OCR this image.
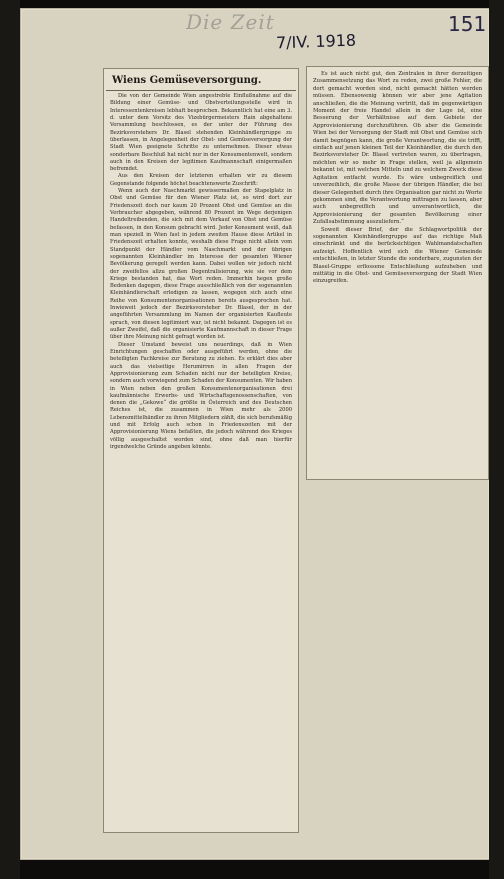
Die Zeit
7/IV. 1918
151
Wiens Gemüseversorgung.

Die von der Gemeinde Wien angestrebte Einflußnahme auf die Bildung einer Gemüse- und Obstverteilungsstelle wird in Interessentenkreisen lebhaft besprochen. Bekanntlich hat eine am 3. d. unter dem Vorsitz des Vizebürgermeisters Rain abgehaltene Versammlung beschlossen, es der unter der Führung des Bezirksvorstehers Dr. Blasel stehenden Kleinhändlergruppe zu überlassen, in Angelegenheit der Obst- und Gemüseversorgung der Stadt Wien geeignete Schritte zu unternehmen. Dieser etwas sonderbare Beschluß hat nicht nur in der Konsumentenwelt, sondern auch in den Kreisen der legitimen Kaufmannschaft einigermaßen befremdet.

Aus den Kreisen der letzteren erhalten wir zu diesem Gegenstande folgende höchst beachtenswerte Zuschrift:

Wenn auch der Naschmarkt gewissermaßen der Stapelplatz in Obst und Gemüse für den Wiener Platz ist, so wird dort zur Friedenszeit doch nur kaum 20 Prozent Obst und Gemüse an die Verbraucher abgegeben, während 80 Prozent im Wege derjenigen Handeltreibenden, die sich mit dem Verkauf von Obst und Gemüse befassen, in den Konsum gebracht wird. Jeder Konsument weiß, daß man speziell in Wien fast in jedem zweiten Hause diese Artikel in Friedenszeit erhalten konnte, weshalb diese Frage nicht allein vom Standpunkt der Händler vom Naschmarkt und der übrigen sogenannten Kleinhändler im Interesse der gesamten Wiener Bevölkerung geregelt werden kann. Dabei wollen wir jedoch nicht der zweifellos allzu großen Degentralisierung, wie sie vor dem Kriege bestanden hat, das Wort reden. Immerhin hegen große Bedenken dagegen, diese Frage ausschließlich von der sogenannten Kleinhändlerschaft erledigen zu lassen, wogegen sich auch eine Reihe von Konsumentenorganisationen bereits ausgesprochen hat. Inwieweit jedoch der Bezirksvorsteher Dr. Blasel, der in der angeführten Versammlung im Namen der organisierten Kaufleute sprach, von diesen legitimiert war, ist nicht bekannt. Dagegen ist es außer Zweifel, daß die organisierte Kaufmannschaft in dieser Frage über ihre Meinung nicht gefragt worden ist.

Dieser Umstand beweist uns neuerdings, daß in Wien Einrichtungen geschaffen oder ausgeführt werden, ohne die beteiligten Fachkreise zur Beratung zu ziehen. Es erklärt dies aber auch das vielseitige Herumirren in allen Fragen der Approvisionierung zum Schaden nicht nur der beteiligten Kreise, sondern auch vorwiegend zum Schaden der Konsumenten. Wir haben in Wien neben den großen Konsumentenorganisationen drei kaufmännische Erwerbs- und Wirtschaftsgenossenschaften, von denen die „Gekowe“ die größte in Österreich und des Deutschen Reiches ist, die zusammen in Wien mehr als 2000 Lebensmittelhändler zu ihren Mitgliedern zählt, die sich berufsmäßig und mit Erfolg auch schon in Friedenszeiten mit der Approvisionierung Wiens befaßten, die jedoch während des Krieges völlig ausgeschaltet worden sind, ohne daß man hierfür irgendwelche Gründe angeben könnte.

Es ist auch nicht gut, den Zentralen in ihrer derzeitigen Zusammensetzung das Wort zu reden, zwei große Fehler, die dort gemacht worden sind, nicht gemacht hätten werden müssen. Ebensowenig können wir aber jene Agitation anschließen, die die Meinung vertritt, daß im gegenwärtigen Moment der freie Handel allein in der Lage ist, eine Besserung der Verhältnisse auf dem Gebiete der Approvisionierung durchzuführen. Ob aber die Gemeinde Wien bei der Versorgung der Stadt mit Obst und Gemüse sich damit begnügen kann, die große Verantwortung, die sie trifft, einfach auf jenen kleinen Teil der Kleinhändler, die durch den Bezirksvorsteher Dr. Blasel vertreten waren, zu übertragen, möchten wir so mehr in Frage stellen, weil ja allgemein bekannt ist, mit welchen Mitteln und zu welchem Zweck diese Agitation entfacht wurde. Es wäre unbegreiflich und unverzeihlich, die große Masse der übrigen Händler, die bei dieser Gelegenheit durch ihre Organisation gar nicht zu Worte gekommen sind, die Verantwortung mittragen zu lassen, aber auch unbegreiflich und unverantwortlich, die Approvisionierung der gesamten Bevölkerung einer Zufallsabstimmung auszuliefern.“

Soweit dieser Brief, der die Schlagwortpolitik der sogenannten Kleinhändlergruppe auf das richtige Maß einschränkt und die berücksichtigen Wahlmandatschaften aufzeigt. Hoffentlich wird sich die Wiener Gemeinde entschließen, in letzter Stunde die sonderbare, zugunsten der Blasel-Gruppe erflossene Entschließung aufzuheben und mittätig in die Obst- und Gemüseversorgung der Stadt Wien einzugreifen.
